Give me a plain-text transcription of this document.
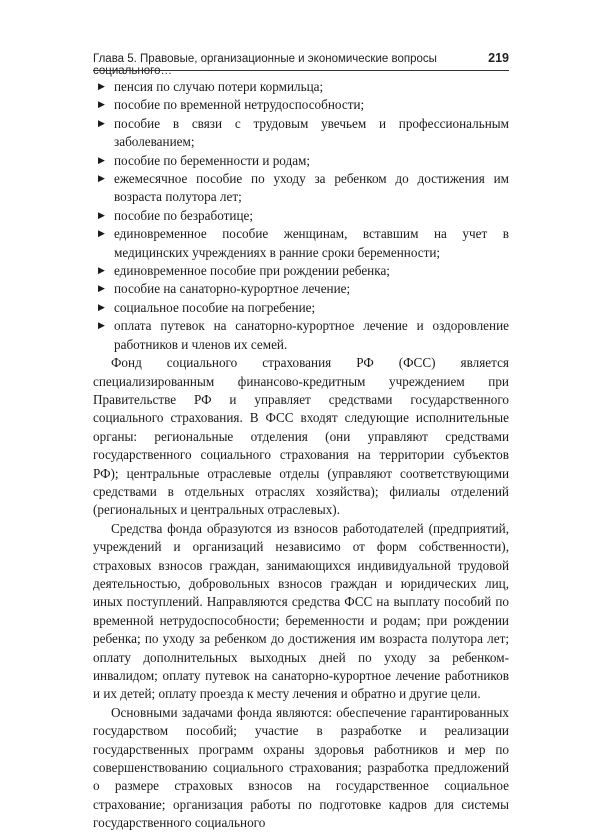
Глава 5. Правовые, организационные и экономические вопросы социального…
219
▶ пенсия по случаю потери кормильца;
▶ пособие по временной нетрудоспособности;
▶ пособие в связи с трудовым увечьем и профессиональным заболеванием;
▶ пособие по беременности и родам;
▶ ежемесячное пособие по уходу за ребенком до достижения им возраста полутора лет;
▶ пособие по безработице;
▶ единовременное пособие женщинам, вставшим на учет в медицинских учреждениях в ранние сроки беременности;
▶ единовременное пособие при рождении ребенка;
▶ пособие на санаторно-курортное лечение;
▶ социальное пособие на погребение;
▶ оплата путевок на санаторно-курортное лечение и оздоровление работников и членов их семей.

Фонд социального страхования РФ (ФСС) является специализированным финансово-кредитным учреждением при Правительстве РФ и управляет средствами государственного социального страхования. В ФСС входят следующие исполнительные органы: региональные отделения (они управляют средствами государственного социального страхования на территории субъектов РФ); центральные отраслевые отделы (управляют соответствующими средствами в отдельных отраслях хозяйства); филиалы отделений (региональных и центральных отраслевых).

Средства фонда образуются из взносов работодателей (предприятий, учреждений и организаций независимо от форм собственности), страховых взносов граждан, занимающихся индивидуальной трудовой деятельностью, добровольных взносов граждан и юридических лиц, иных поступлений. Направляются средства ФСС на выплату пособий по временной нетрудоспособности; беременности и родам; при рождении ребенка; по уходу за ребенком до достижения им возраста полутора лет; оплату дополнительных выходных дней по уходу за ребенком-инвалидом; оплату путевок на санаторно-курортное лечение работников и их детей; оплату проезда к месту лечения и обратно и другие цели.

Основными задачами фонда являются: обеспечение гарантированных государством пособий; участие в разработке и реализации государственных программ охраны здоровья работников и мер по совершенствованию социального страхования; разработка предложений о размере страховых взносов на государственное социальное страхование; организация работы по подготовке кадров для системы государственного социального
